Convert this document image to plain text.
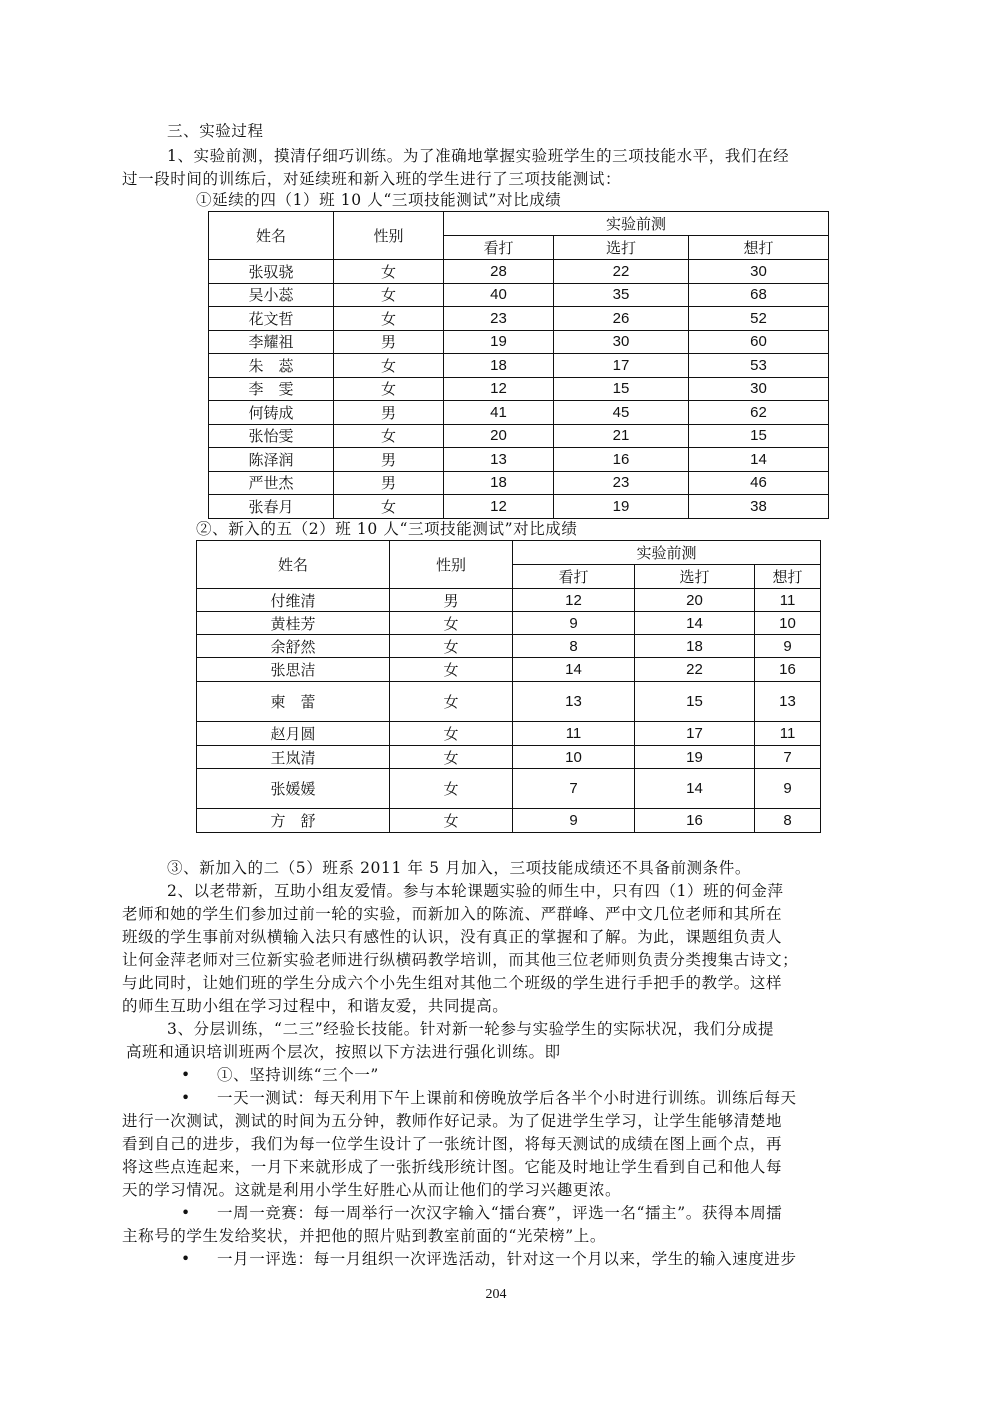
三、实验过程
1、实验前测，摸清仔细巧训练。为了准确地掌握实验班学生的三项技能水平，我们在经
过一段时间的训练后，对延续班和新入班的学生进行了三项技能测试：
①延续的四（1）班 10 人“三项技能测试”对比成绩
姓名	性别	实验前测		
		看打	选打	想打
张驭骁	女	28	22	30
吴小蕊	女	40	35	68
花文哲	女	23	26	52
李耀祖	男	19	30	60
朱　蕊	女	18	17	53
李　雯	女	12	15	30
何铸成	男	41	45	62
张怡雯	女	20	21	15
陈泽润	男	13	16	14
严世杰	男	18	23	46
张春月	女	12	19	38
②、新入的五（2）班 10 人“三项技能测试”对比成绩
姓名	性别	实验前测		
		看打	选打	想打
付维清	男	12	20	11
黄桂芳	女	9	14	10
余舒然	女	8	18	9
张思洁	女	14	22	16
柬　蕾	女	13	15	13
赵月圆	女	11	17	11
王岚清	女	10	19	7
张媛媛	女	7	14	9
方　舒	女	9	16	8
③、新加入的二（5）班系 2011 年 5 月加入，三项技能成绩还不具备前测条件。
2、以老带新，互助小组友爱情。参与本轮课题实验的师生中，只有四（1）班的何金萍
老师和她的学生们参加过前一轮的实验，而新加入的陈流、严群峰、严中文几位老师和其所在
班级的学生事前对纵横输入法只有感性的认识，没有真正的掌握和了解。为此，课题组负责人
让何金萍老师对三位新实验老师进行纵横码教学培训，而其他三位老师则负责分类搜集古诗文；
与此同时，让她们班的学生分成六个小先生组对其他二个班级的学生进行手把手的教学。这样
的师生互助小组在学习过程中，和谐友爱，共同提高。
3、分层训练，“二三”经验长技能。针对新一轮参与实验学生的实际状况，我们分成提
高班和通识培训班两个层次，按照以下方法进行强化训练。即
• ①、坚持训练“三个一”
• 一天一测试：每天利用下午上课前和傍晚放学后各半个小时进行训练。训练后每天
进行一次测试，测试的时间为五分钟，教师作好记录。为了促进学生学习，让学生能够清楚地
看到自己的进步，我们为每一位学生设计了一张统计图，将每天测试的成绩在图上画个点，再
将这些点连起来，一月下来就形成了一张折线形统计图。它能及时地让学生看到自己和他人每
天的学习情况。这就是利用小学生好胜心从而让他们的学习兴趣更浓。
• 一周一竞赛：每一周举行一次汉字输入“擂台赛”，评选一名“擂主”。获得本周擂
主称号的学生发给奖状，并把他的照片贴到教室前面的“光荣榜”上。
• 一月一评选：每一月组织一次评选活动，针对这一个月以来，学生的输入速度进步
204
